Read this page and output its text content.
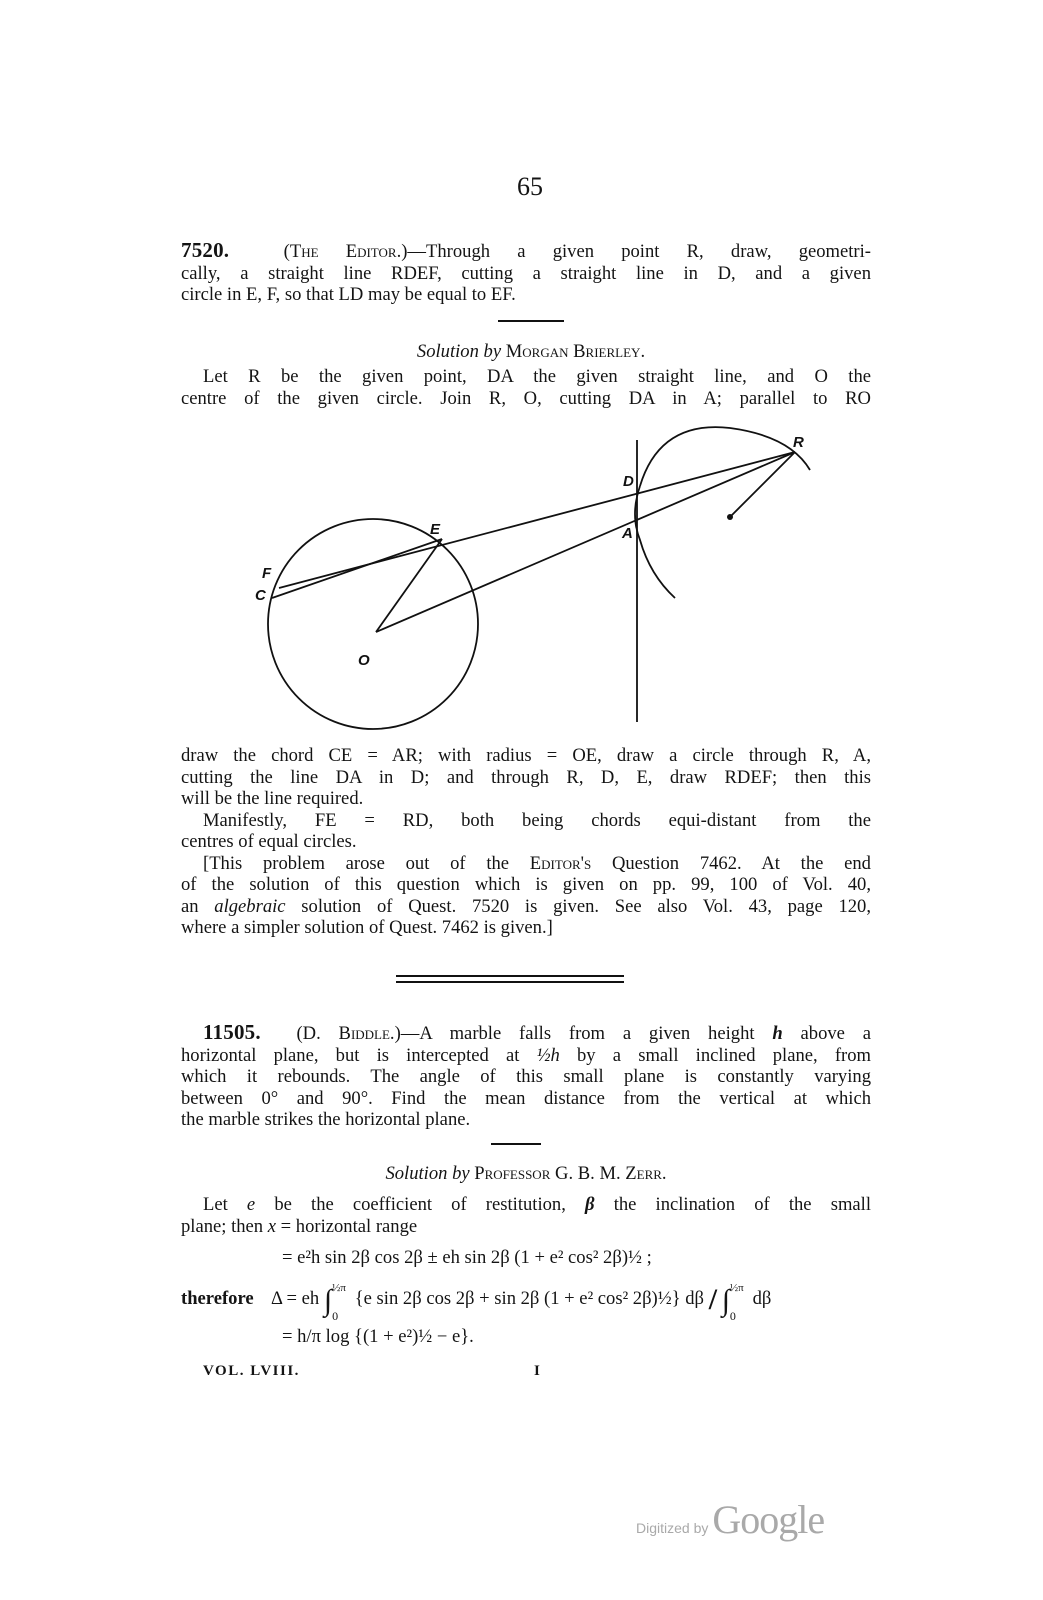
65
7520.	(The Editor.)—Through a given point R, draw, geometri-
cally, a straight line RDEF, cutting a straight line in D, and a given
circle in E, F, so that LD may be equal to EF.
Solution by Morgan Brierley.
Let R be the given point, DA the given straight line, and O the
centre of the given circle. Join R, O, cutting DA in A; parallel to RO
R
D
A
E
F
C
O
draw the chord CE = AR; with radius = OE, draw a circle through R, A,
cutting the line DA in D; and through R, D, E, draw RDEF; then this
will be the line required.
Manifestly, FE = RD, both being chords equi-distant from the
centres of equal circles.
[This problem arose out of the Editor's Question 7462. At the end
of the solution of this question which is given on pp. 99, 100 of Vol. 40,
an algebraic solution of Quest. 7520 is given. See also Vol. 43, page 120,
where a simpler solution of Quest. 7462 is given.]
11505. (D. Biddle.)—A marble falls from a given height h above a
horizontal plane, but is intercepted at ½h by a small inclined plane, from
which it rebounds. The angle of this small plane is constantly varying
between 0° and 90°. Find the mean distance from the vertical at which
the marble strikes the horizontal plane.
Solution by Professor G. B. M. Zerr.
Let e be the coefficient of restitution, β the inclination of the small
plane; then x = horizontal range
= e²h sin 2β cos 2β ± eh sin 2β (1 + e² cos² 2β)½ ;
therefore Δ = eh ∫ ½π
0
{e sin 2β cos 2β + sin 2β (1 + e² cos² 2β)½} dβ / ∫ ½π
0
dβ
= h/π log {(1 + e²)½ − e}.
VOL. LVIII.	I
Digitized by Google
